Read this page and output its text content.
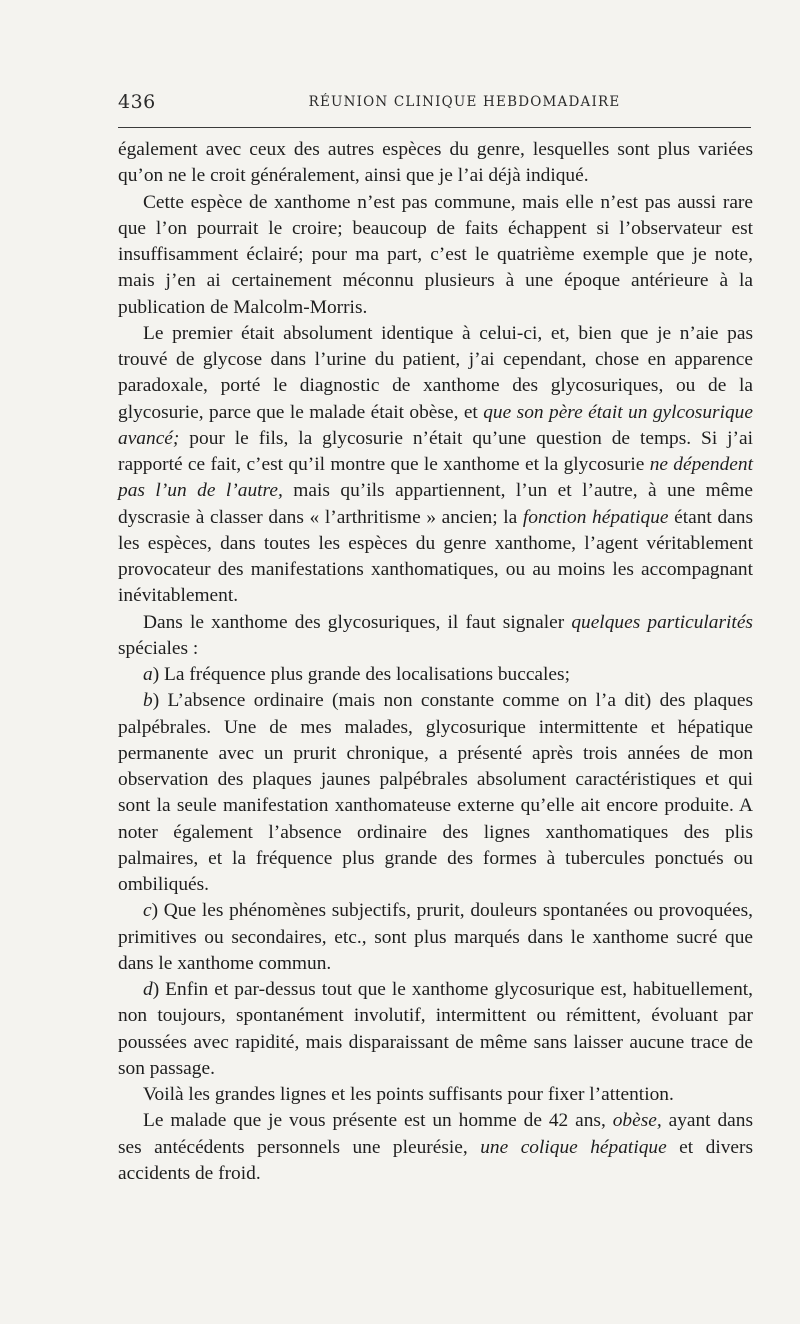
436	RÉUNION CLINIQUE HEBDOMADAIRE

également avec ceux des autres espèces du genre, lesquelles sont plus variées qu’on ne le croit généralement, ainsi que je l’ai déjà indiqué.

Cette espèce de xanthome n’est pas commune, mais elle n’est pas aussi rare que l’on pourrait le croire; beaucoup de faits échappent si l’observateur est insuffisamment éclairé; pour ma part, c’est le quatrième exemple que je note, mais j’en ai certainement méconnu plusieurs à une époque antérieure à la publication de Malcolm-Morris.

Le premier était absolument identique à celui-ci, et, bien que je n’aie pas trouvé de glycose dans l’urine du patient, j’ai cependant, chose en apparence paradoxale, porté le diagnostic de xanthome des glycosuriques, ou de la glycosurie, parce que le malade était obèse, et que son père était un gylcosurique avancé; pour le fils, la glycosurie n’était qu’une question de temps. Si j’ai rapporté ce fait, c’est qu’il montre que le xanthome et la glycosurie ne dépendent pas l’un de l’autre, mais qu’ils appartiennent, l’un et l’autre, à une même dyscrasie à classer dans « l’arthritisme » ancien; la fonction hépatique étant dans les espèces, dans toutes les espèces du genre xanthome, l’agent véritablement provocateur des manifestations xanthomatiques, ou au moins les accompagnant inévitablement.

Dans le xanthome des glycosuriques, il faut signaler quelques particularités spéciales :

a) La fréquence plus grande des localisations buccales;

b) L’absence ordinaire (mais non constante comme on l’a dit) des plaques palpébrales. Une de mes malades, glycosurique intermittente et hépatique permanente avec un prurit chronique, a présenté après trois années de mon observation des plaques jaunes palpébrales absolument caractéristiques et qui sont la seule manifestation xanthomateuse externe qu’elle ait encore produite. A noter également l’absence ordinaire des lignes xanthomatiques des plis palmaires, et la fréquence plus grande des formes à tubercules ponctués ou ombiliqués.

c) Que les phénomènes subjectifs, prurit, douleurs spontanées ou provoquées, primitives ou secondaires, etc., sont plus marqués dans le xanthome sucré que dans le xanthome commun.

d) Enfin et par-dessus tout que le xanthome glycosurique est, habituellement, non toujours, spontanément involutif, intermittent ou rémittent, évoluant par poussées avec rapidité, mais disparaissant de même sans laisser aucune trace de son passage.

Voilà les grandes lignes et les points suffisants pour fixer l’attention.

Le malade que je vous présente est un homme de 42 ans, obèse, ayant dans ses antécédents personnels une pleurésie, une colique hépatique et divers accidents de froid.
